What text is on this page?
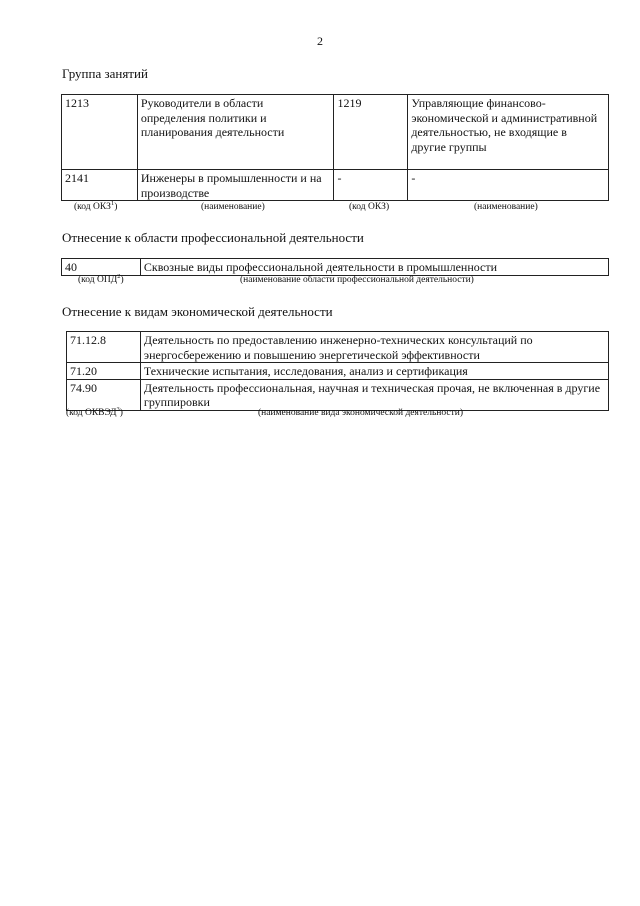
2
Группа занятий
1213	Руководители в области определения политики и планирования деятельности	1219	Управляющие финансово-экономической и административной деятельностью, не входящие в другие группы
2141	Инженеры в промышленности и на производстве	-	-
(код ОКЗ$^1$)	(наименование)	(код ОКЗ)	(наименование)
Отнесение к области профессиональной деятельности
40	Сквозные виды профессиональной деятельности в промышленности
(код ОПД$^2$)	(наименование области профессиональной деятельности)
Отнесение к видам экономической деятельности
71.12.8	Деятельность по предоставлению инженерно-технических консультаций по энергосбережению и повышению энергетической эффективности
71.20	Технические испытания, исследования, анализ и сертификация
74.90	Деятельность профессиональная, научная и техническая прочая, не включенная в другие группировки
(код ОКВЭД$^3$)	(наименование вида экономической деятельности)
